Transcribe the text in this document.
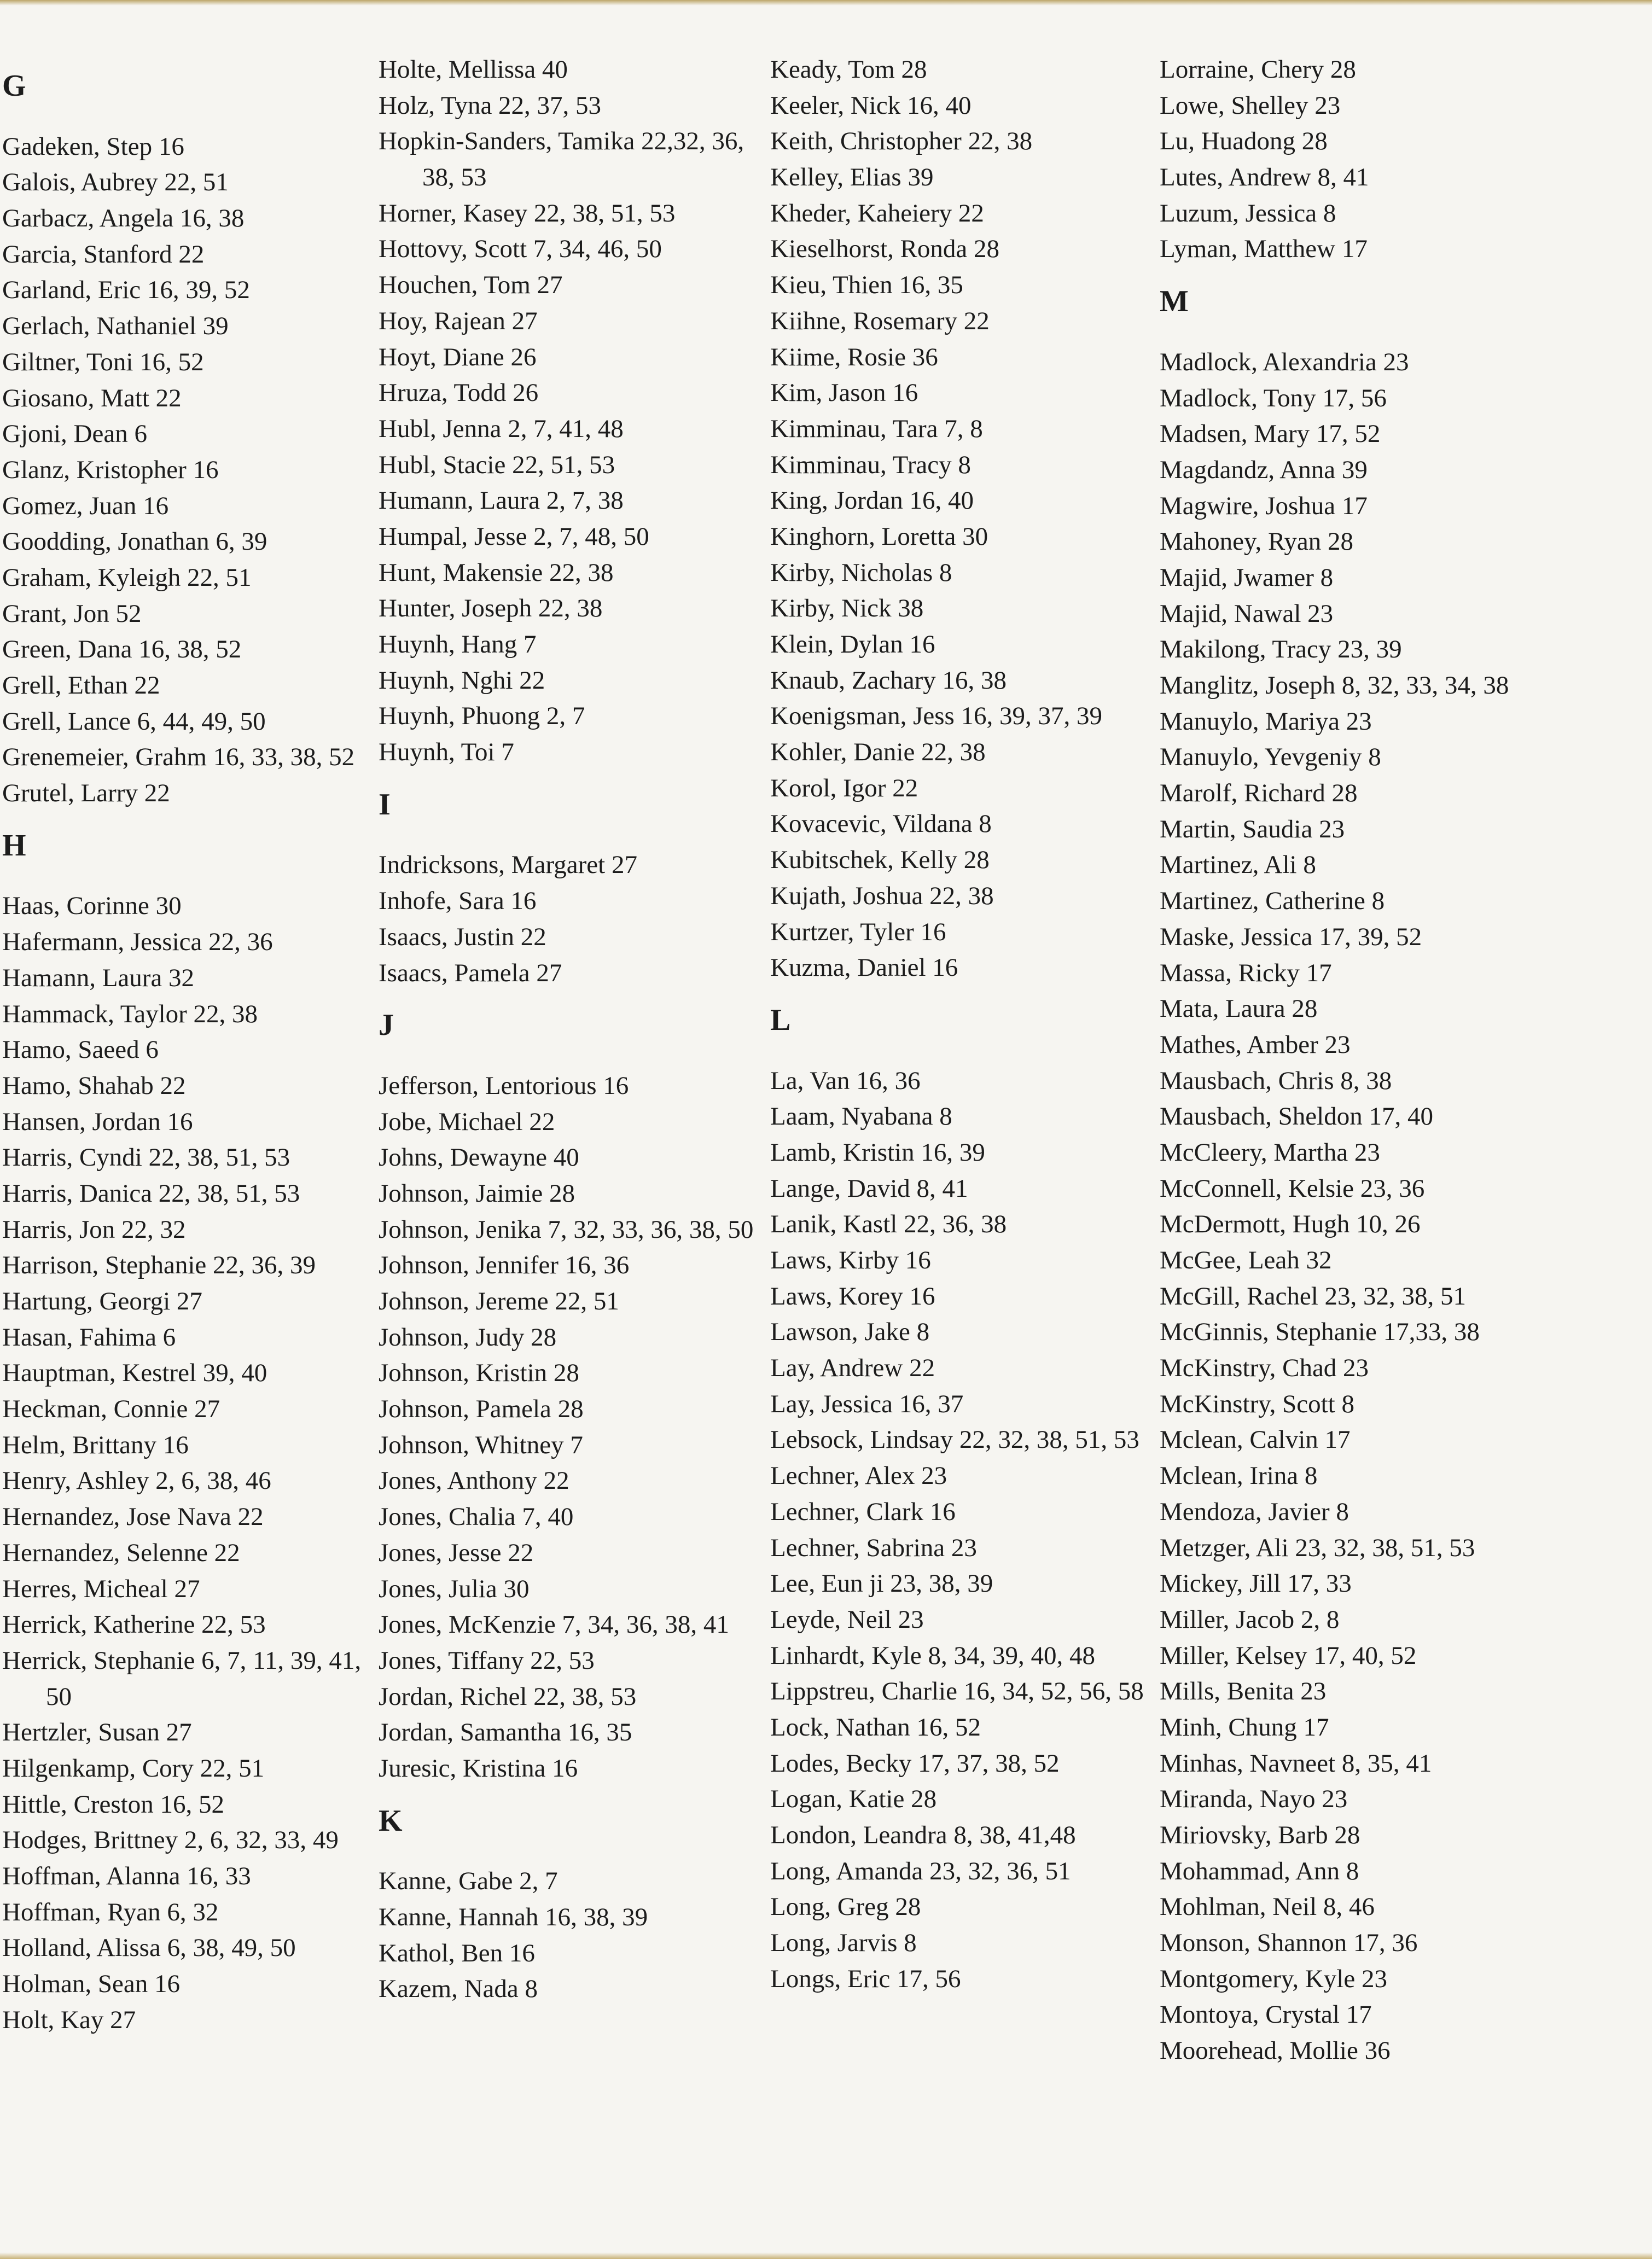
G
Gadeken, Step 16
Galois, Aubrey 22, 51
Garbacz, Angela 16, 38
Garcia, Stanford 22
Garland, Eric 16, 39, 52
Gerlach, Nathaniel 39
Giltner, Toni 16, 52
Giosano, Matt 22
Gjoni, Dean 6
Glanz, Kristopher 16
Gomez, Juan 16
Goodding, Jonathan 6, 39
Graham, Kyleigh 22, 51
Grant, Jon 52
Green, Dana 16, 38, 52
Grell, Ethan 22
Grell, Lance 6, 44, 49, 50
Grenemeier, Grahm 16, 33, 38, 52
Grutel, Larry 22
H
Haas, Corinne 30
Hafermann, Jessica 22, 36
Hamann, Laura 32
Hammack, Taylor 22, 38
Hamo, Saeed 6
Hamo, Shahab 22
Hansen, Jordan 16
Harris, Cyndi 22, 38, 51, 53
Harris, Danica 22, 38, 51, 53
Harris, Jon 22, 32
Harrison, Stephanie 22, 36, 39
Hartung, Georgi 27
Hasan, Fahima 6
Hauptman, Kestrel 39, 40
Heckman, Connie 27
Helm, Brittany 16
Henry, Ashley 2, 6, 38, 46
Hernandez, Jose Nava 22
Hernandez, Selenne 22
Herres, Micheal 27
Herrick, Katherine 22, 53
Herrick, Stephanie 6, 7, 11, 39, 41, 50
Hertzler, Susan 27
Hilgenkamp, Cory 22, 51
Hittle, Creston 16, 52
Hodges, Brittney 2, 6, 32, 33, 49
Hoffman, Alanna 16, 33
Hoffman, Ryan 6, 32
Holland, Alissa 6, 38, 49, 50
Holman, Sean 16
Holt, Kay 27
Holte, Mellissa 40
Holz, Tyna 22, 37, 53
Hopkin-Sanders, Tamika 22,32, 36, 38, 53
Horner, Kasey 22, 38, 51, 53
Hottovy, Scott 7, 34, 46, 50
Houchen, Tom 27
Hoy, Rajean 27
Hoyt, Diane 26
Hruza, Todd 26
Hubl, Jenna 2, 7, 41, 48
Hubl, Stacie 22, 51, 53
Humann, Laura 2, 7, 38
Humpal, Jesse 2, 7, 48, 50
Hunt, Makensie 22, 38
Hunter, Joseph 22, 38
Huynh, Hang 7
Huynh, Nghi 22
Huynh, Phuong 2, 7
Huynh, Toi 7
I
Indricksons, Margaret 27
Inhofe, Sara 16
Isaacs, Justin 22
Isaacs, Pamela 27
J
Jefferson, Lentorious 16
Jobe, Michael 22
Johns, Dewayne 40
Johnson, Jaimie 28
Johnson, Jenika 7, 32, 33, 36, 38, 50
Johnson, Jennifer 16, 36
Johnson, Jereme 22, 51
Johnson, Judy 28
Johnson, Kristin 28
Johnson, Pamela 28
Johnson, Whitney 7
Jones, Anthony 22
Jones, Chalia 7, 40
Jones, Jesse 22
Jones, Julia 30
Jones, McKenzie 7, 34, 36, 38, 41
Jones, Tiffany 22, 53
Jordan, Richel 22, 38, 53
Jordan, Samantha 16, 35
Juresic, Kristina 16
K
Kanne, Gabe 2, 7
Kanne, Hannah 16, 38, 39
Kathol, Ben 16
Kazem, Nada 8
Keady, Tom 28
Keeler, Nick 16, 40
Keith, Christopher 22, 38
Kelley, Elias 39
Kheder, Kaheiery 22
Kieselhorst, Ronda 28
Kieu, Thien 16, 35
Kiihne, Rosemary 22
Kiime, Rosie 36
Kim, Jason 16
Kimminau, Tara 7, 8
Kimminau, Tracy 8
King, Jordan 16, 40
Kinghorn, Loretta 30
Kirby, Nicholas 8
Kirby, Nick 38
Klein, Dylan 16
Knaub, Zachary 16, 38
Koenigsman, Jess 16, 39, 37, 39
Kohler, Danie 22, 38
Korol, Igor 22
Kovacevic, Vildana 8
Kubitschek, Kelly 28
Kujath, Joshua 22, 38
Kurtzer, Tyler 16
Kuzma, Daniel 16
L
La, Van 16, 36
Laam, Nyabana 8
Lamb, Kristin 16, 39
Lange, David 8, 41
Lanik, Kastl 22, 36, 38
Laws, Kirby 16
Laws, Korey 16
Lawson, Jake 8
Lay, Andrew 22
Lay, Jessica 16, 37
Lebsock, Lindsay 22, 32, 38, 51, 53
Lechner, Alex 23
Lechner, Clark 16
Lechner, Sabrina 23
Lee, Eun ji 23, 38, 39
Leyde, Neil 23
Linhardt, Kyle 8, 34, 39, 40, 48
Lippstreu, Charlie 16, 34, 52, 56, 58
Lock, Nathan 16, 52
Lodes, Becky 17, 37, 38, 52
Logan, Katie 28
London, Leandra 8, 38, 41,48
Long, Amanda 23, 32, 36, 51
Long, Greg 28
Long, Jarvis 8
Longs, Eric 17, 56
Lorraine, Chery 28
Lowe, Shelley 23
Lu, Huadong 28
Lutes, Andrew 8, 41
Luzum, Jessica 8
Lyman, Matthew 17
M
Madlock, Alexandria 23
Madlock, Tony 17, 56
Madsen, Mary 17, 52
Magdandz, Anna 39
Magwire, Joshua 17
Mahoney, Ryan 28
Majid, Jwamer 8
Majid, Nawal 23
Makilong, Tracy 23, 39
Manglitz, Joseph 8, 32, 33, 34, 38
Manuylo, Mariya 23
Manuylo, Yevgeniy 8
Marolf, Richard 28
Martin, Saudia 23
Martinez, Ali 8
Martinez, Catherine 8
Maske, Jessica 17, 39, 52
Massa, Ricky 17
Mata, Laura 28
Mathes, Amber 23
Mausbach, Chris 8, 38
Mausbach, Sheldon 17, 40
McCleery, Martha 23
McConnell, Kelsie 23, 36
McDermott, Hugh 10, 26
McGee, Leah 32
McGill, Rachel 23, 32, 38, 51
McGinnis, Stephanie 17,33, 38
McKinstry, Chad 23
McKinstry, Scott 8
Mclean, Calvin 17
Mclean, Irina 8
Mendoza, Javier 8
Metzger, Ali 23, 32, 38, 51, 53
Mickey, Jill 17, 33
Miller, Jacob 2, 8
Miller, Kelsey 17, 40, 52
Mills, Benita 23
Minh, Chung 17
Minhas, Navneet 8, 35, 41
Miranda, Nayo 23
Miriovsky, Barb 28
Mohammad, Ann 8
Mohlman, Neil 8, 46
Monson, Shannon 17, 36
Montgomery, Kyle 23
Montoya, Crystal 17
Moorehead, Mollie 36
